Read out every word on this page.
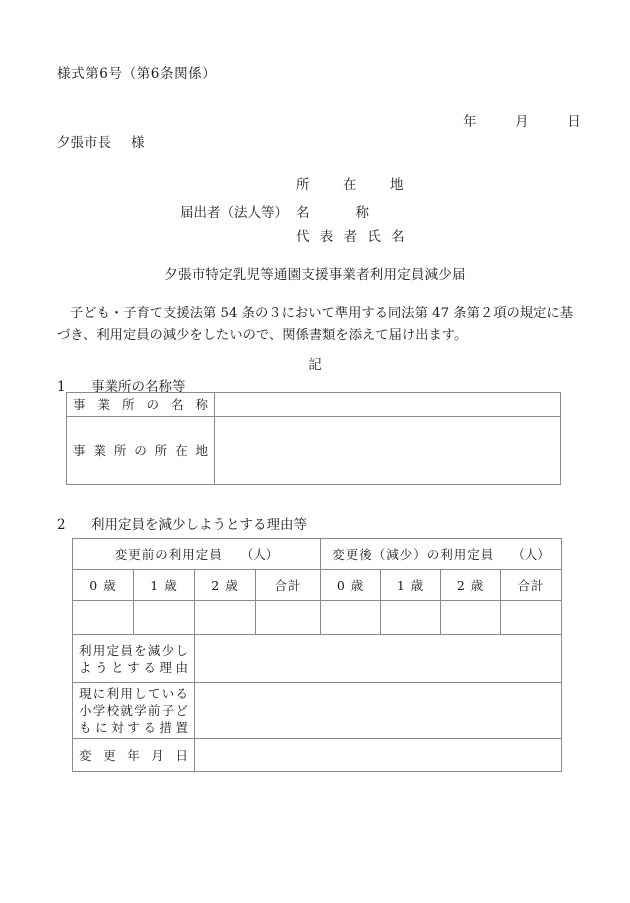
様式第6号（第6条関係）
年	月	日
夕張市長 様
所　在　地
届出者（法人等） 名	称
代 表 者 氏 名
夕張市特定乳児等通園支援事業者利用定員減少届
子ども・子育て支援法第 54 条の３において準用する同法第 47 条第２項の規定に基づき、利用定員の減少をしたいので、関係書類を添えて届け出ます。
記
1 事業所の名称等
事業所の名称	

事業所の所在地	

2 利用定員を減少しようとする理由等
変更前の利用定員 （人）				変更後（減少）の利用定員 （人）			
0 歳	1 歳	2 歳	合計	0 歳	1 歳	2 歳	合計

利用定員を減少しようとする理由							

現に利用している小学校就学前子どもに対する措置							

変更年月日							
